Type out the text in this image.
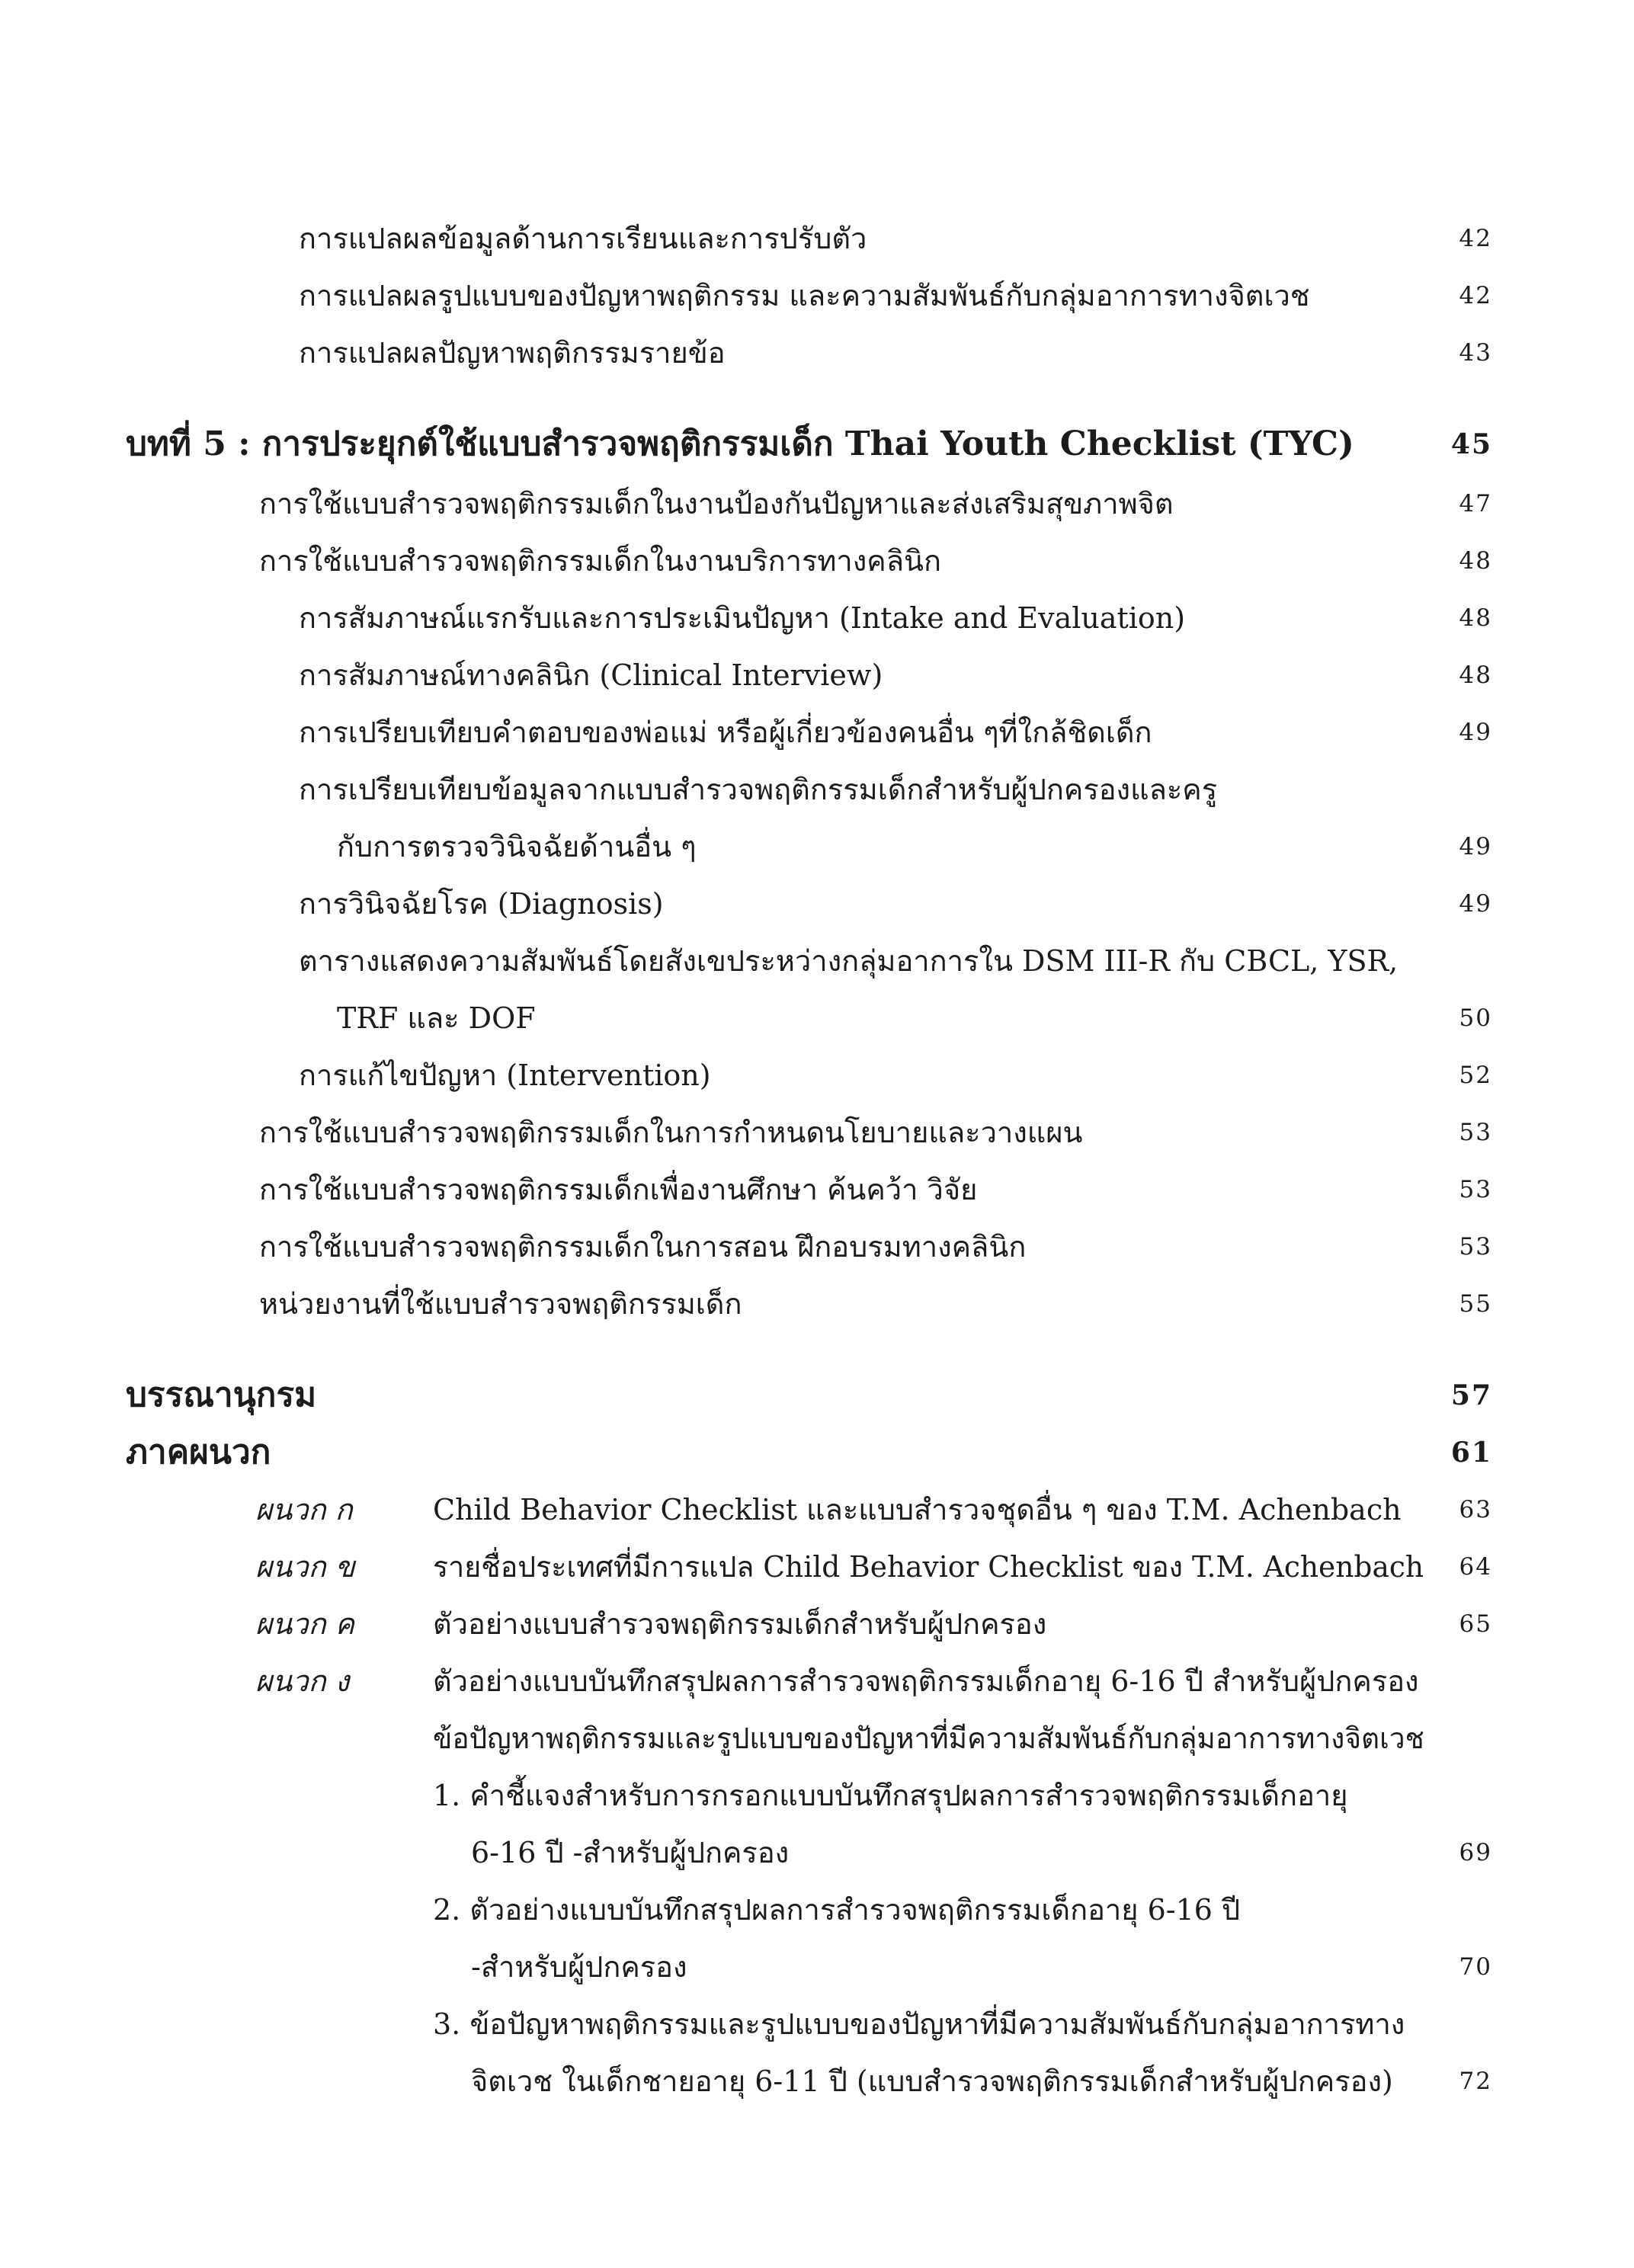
การแปลผลข้อมูลด้านการเรียนและการปรับตัว	42
การแปลผลรูปแบบของปัญหาพฤติกรรม และความสัมพันธ์กับกลุ่มอาการทางจิตเวช	42
การแปลผลปัญหาพฤติกรรมรายข้อ	43
บทที่ 5 : การประยุกต์ใช้แบบสำรวจพฤติกรรมเด็ก Thai Youth Checklist (TYC)	45
การใช้แบบสำรวจพฤติกรรมเด็กในงานป้องกันปัญหาและส่งเสริมสุขภาพจิต	47
การใช้แบบสำรวจพฤติกรรมเด็กในงานบริการทางคลินิก	48
การสัมภาษณ์แรกรับและการประเมินปัญหา (Intake and Evaluation)	48
การสัมภาษณ์ทางคลินิก (Clinical Interview)	48
การเปรียบเทียบคำตอบของพ่อแม่ หรือผู้เกี่ยวข้องคนอื่น ๆที่ใกล้ชิดเด็ก	49
การเปรียบเทียบข้อมูลจากแบบสำรวจพฤติกรรมเด็กสำหรับผู้ปกครองและครู
กับการตรวจวินิจฉัยด้านอื่น ๆ	49
การวินิจฉัยโรค (Diagnosis)	49
ตารางแสดงความสัมพันธ์โดยสังเขประหว่างกลุ่มอาการใน DSM III-R กับ CBCL, YSR,
TRF และ DOF	50
การแก้ไขปัญหา (Intervention)	52
การใช้แบบสำรวจพฤติกรรมเด็กในการกำหนดนโยบายและวางแผน	53
การใช้แบบสำรวจพฤติกรรมเด็กเพื่องานศึกษา ค้นคว้า วิจัย	53
การใช้แบบสำรวจพฤติกรรมเด็กในการสอน ฝึกอบรมทางคลินิก	53
หน่วยงานที่ใช้แบบสำรวจพฤติกรรมเด็ก	55
บรรณานุกรม	57
ภาคผนวก	61
ผนวก ก	Child Behavior Checklist และแบบสำรวจชุดอื่น ๆ ของ T.M. Achenbach 63
ผนวก ข	รายชื่อประเทศที่มีการแปล Child Behavior Checklist ของ T.M. Achenbach 64
ผนวก ค	ตัวอย่างแบบสำรวจพฤติกรรมเด็กสำหรับผู้ปกครอง	65
ผนวก ง	ตัวอย่างแบบบันทึกสรุปผลการสำรวจพฤติกรรมเด็กอายุ 6-16 ปี สำหรับผู้ปกครอง
ข้อปัญหาพฤติกรรมและรูปแบบของปัญหาที่มีความสัมพันธ์กับกลุ่มอาการทางจิตเวช
1. คำชี้แจงสำหรับการกรอกแบบบันทึกสรุปผลการสำรวจพฤติกรรมเด็กอายุ
6-16 ปี -สำหรับผู้ปกครอง	69
2. ตัวอย่างแบบบันทึกสรุปผลการสำรวจพฤติกรรมเด็กอายุ 6-16 ปี
-สำหรับผู้ปกครอง	70
3. ข้อปัญหาพฤติกรรมและรูปแบบของปัญหาที่มีความสัมพันธ์กับกลุ่มอาการทาง
จิตเวช ในเด็กชายอายุ 6-11 ปี (แบบสำรวจพฤติกรรมเด็กสำหรับผู้ปกครอง)	72
